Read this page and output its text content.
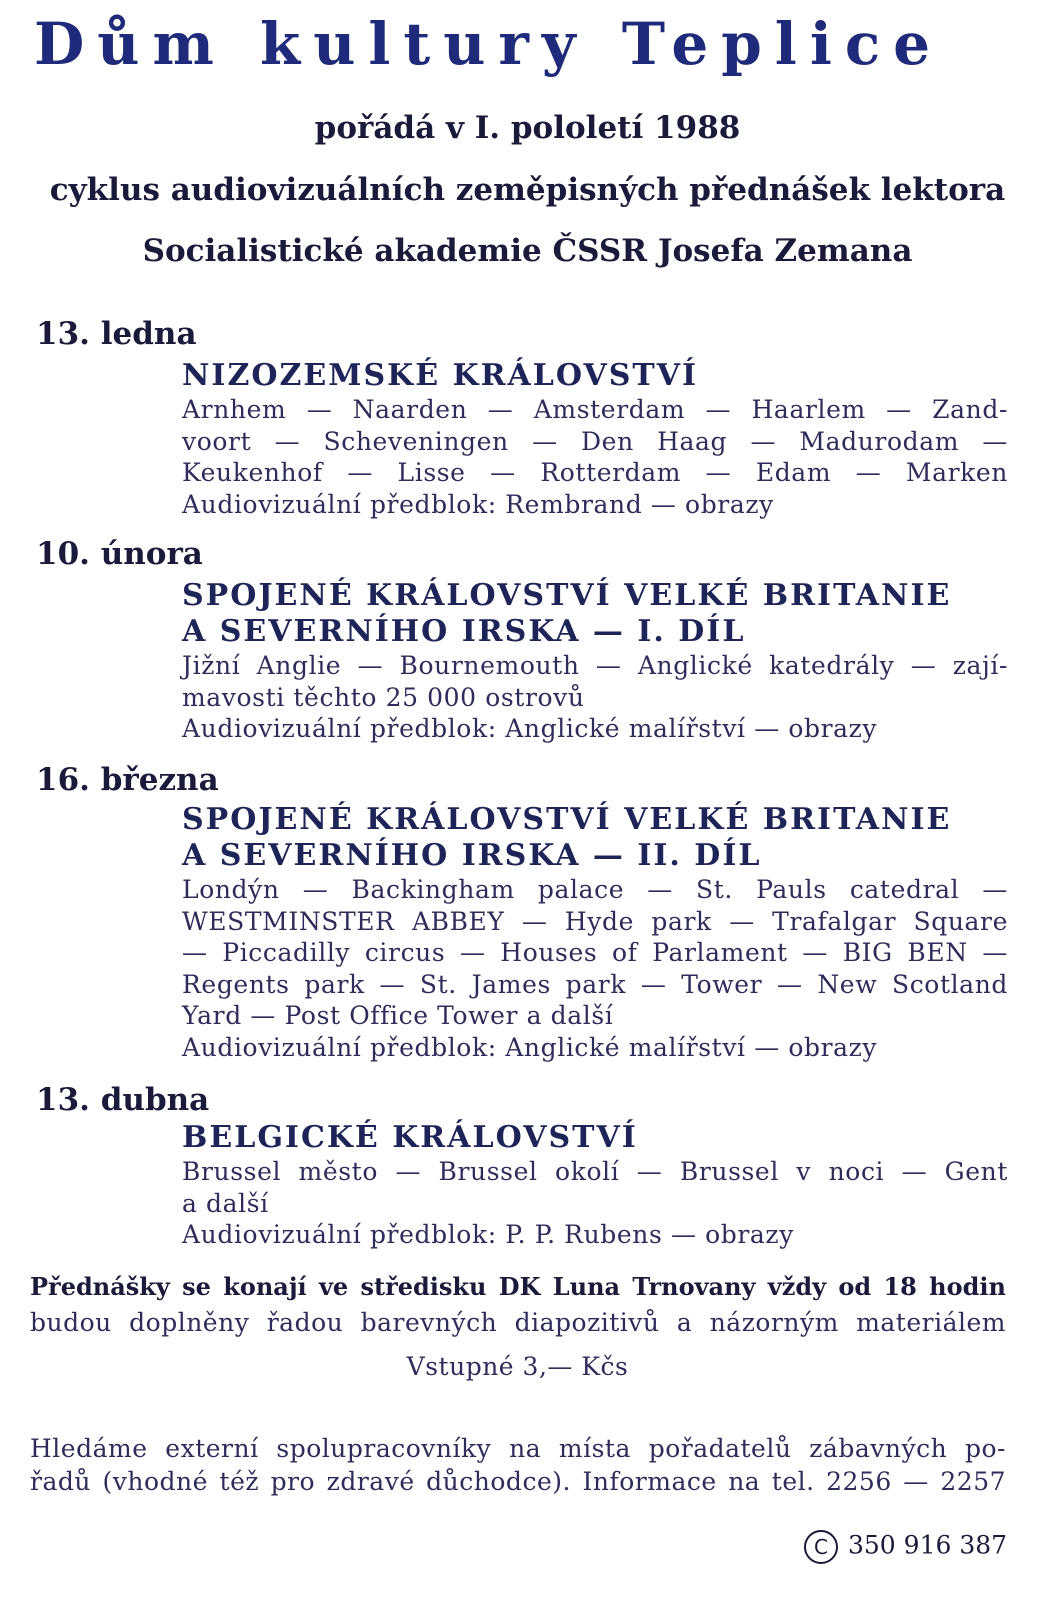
Dům kultury Teplice
pořádá v I. pololetí 1988
cyklus audiovizuálních zeměpisných přednášek lektora
Socialistické akademie ČSSR Josefa Zemana
13. ledna
NIZOZEMSKÉ KRÁLOVSTVÍ
Arnhem — Naarden — Amsterdam — Haarlem — Zand-
voort — Scheveningen — Den Haag — Madurodam —
Keukenhof — Lisse — Rotterdam — Edam — Marken
Audiovizuální předblok: Rembrand — obrazy
10. února
SPOJENÉ KRÁLOVSTVÍ VELKÉ BRITANIE
A SEVERNÍHO IRSKA — I. DÍL
Jižní Anglie — Bournemouth — Anglické katedrály — zají-
mavosti těchto 25 000 ostrovů
Audiovizuální předblok: Anglické malířství — obrazy
16. března
SPOJENÉ KRÁLOVSTVÍ VELKÉ BRITANIE
A SEVERNÍHO IRSKA — II. DÍL
Londýn — Backingham palace — St. Pauls catedral —
WESTMINSTER ABBEY — Hyde park — Trafalgar Square
— Piccadilly circus — Houses of Parlament — BIG BEN —
Regents park — St. James park — Tower — New Scotland
Yard — Post Office Tower a další
Audiovizuální předblok: Anglické malířství — obrazy
13. dubna
BELGICKÉ KRÁLOVSTVÍ
Brussel město — Brussel okolí — Brussel v noci — Gent
a další
Audiovizuální předblok: P. P. Rubens — obrazy
Přednášky se konají ve středisku DK Luna Trnovany vždy od 18 hodin
budou doplněny řadou barevných diapozitivů a názorným materiálem
Vstupné 3,— Kčs
Hledáme externí spolupracovníky na místa pořadatelů zábavných po-
řadů (vhodné též pro zdravé důchodce). Informace na tel. 2256 — 2257
C 350 916 387
